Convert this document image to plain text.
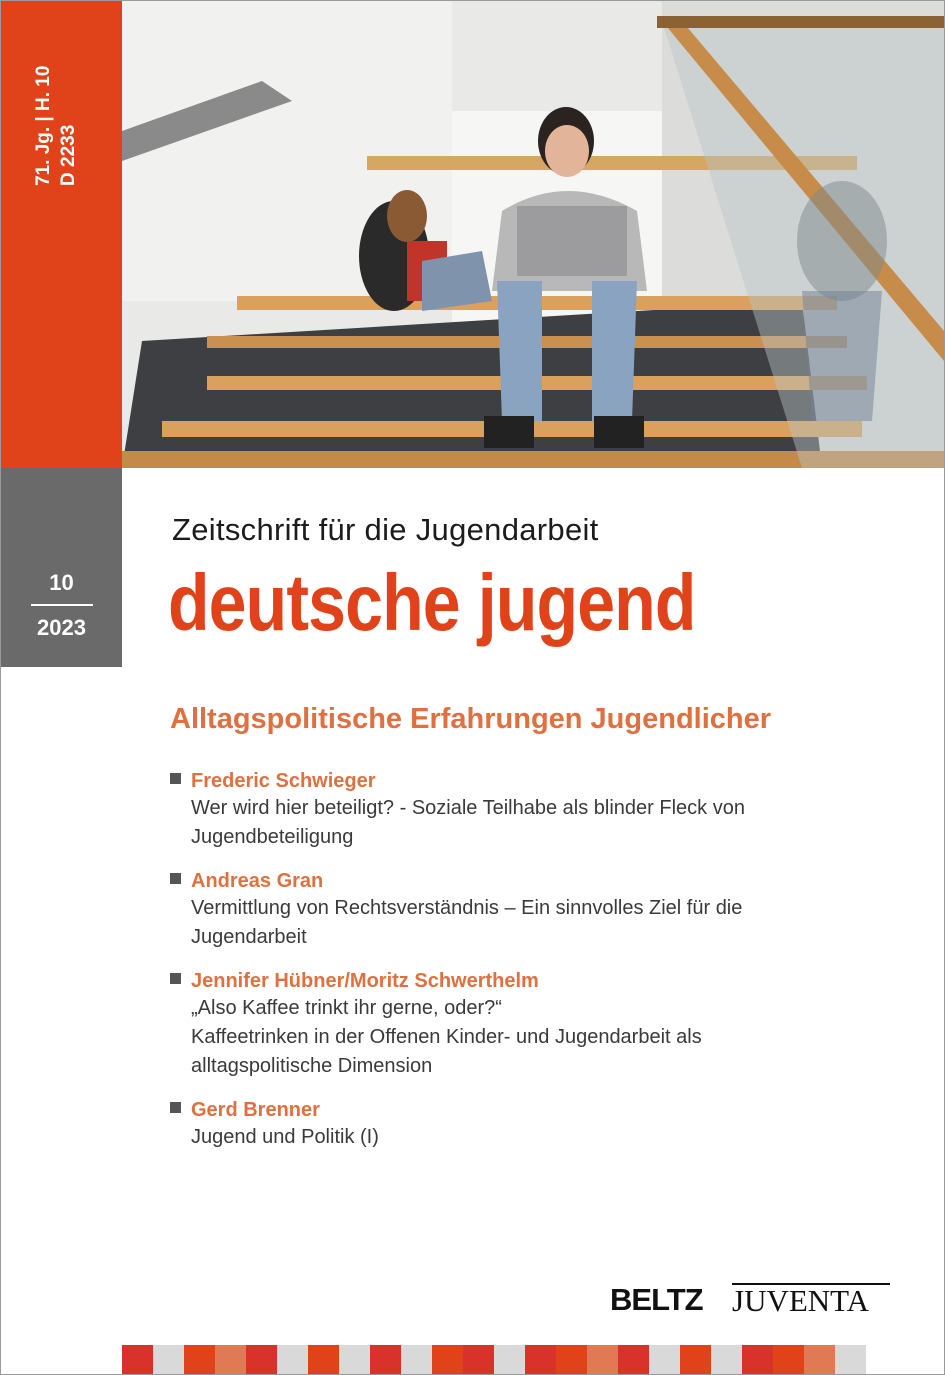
71. Jg. | H. 10 D 2233
10
2023
Zeitschrift für die Jugendarbeit
deutsche jugend
Alltagspolitische Erfahrungen Jugendlicher
Frederic Schwieger
Wer wird hier beteiligt? - Soziale Teilhabe als blinder Fleck von
Jugendbeteiligung
Andreas Gran
Vermittlung von Rechtsverständnis – Ein sinnvolles Ziel für die
Jugendarbeit
Jennifer Hübner/Moritz Schwerthelm
„Also Kaffee trinkt ihr gerne, oder?“
Kaffeetrinken in der Offenen Kinder- und Jugendarbeit als
alltagspolitische Dimension
Gerd Brenner
Jugend und Politik (I)
BELTZ JUVENTA
